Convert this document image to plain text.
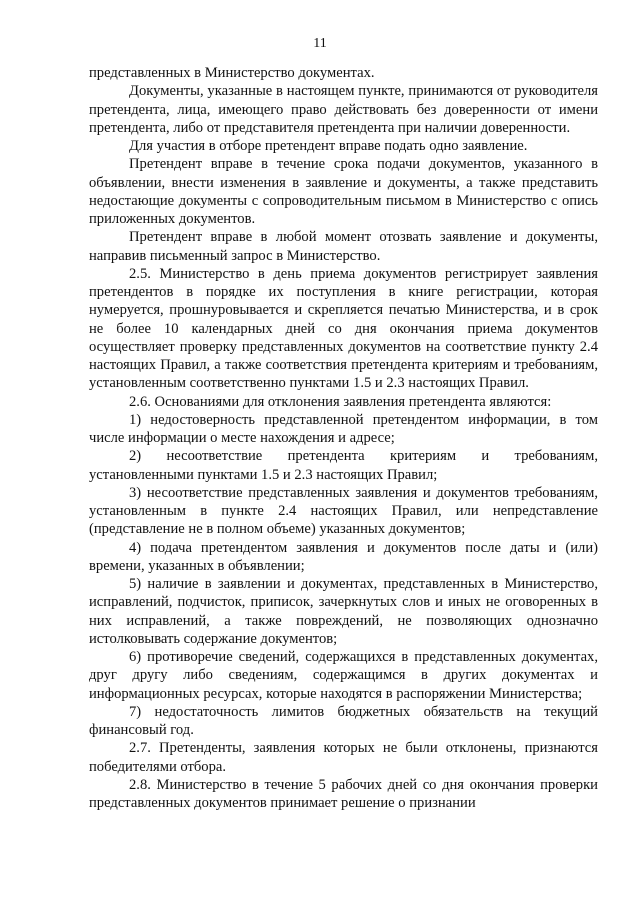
11

представленных в Министерство документах.

Документы, указанные в настоящем пункте, принимаются от руководителя претендента, лица, имеющего право действовать без доверенности от имени претендента, либо от представителя претендента при наличии доверенности.

Для участия в отборе претендент вправе подать одно заявление.

Претендент вправе в течение срока подачи документов, указанного в объявлении, внести изменения в заявление и документы, а также представить недостающие документы с сопроводительным письмом в Министерство с опись приложенных документов.

Претендент вправе в любой момент отозвать заявление и документы, направив письменный запрос в Министерство.

2.5. Министерство в день приема документов регистрирует заявления претендентов в порядке их поступления в книге регистрации, которая нумеруется, прошнуровывается и скрепляется печатью Министерства, и в срок не более 10 календарных дней со дня окончания приема документов осуществляет проверку представленных документов на соответствие пункту 2.4 настоящих Правил, а также соответствия претендента критериям и требованиям, установленным соответственно пунктами 1.5 и 2.3 настоящих Правил.

2.6. Основаниями для отклонения заявления претендента являются:

1) недостоверность представленной претендентом информации, в том числе информации о месте нахождения и адресе;

2) несоответствие претендента критериям и требованиям, установленными пунктами 1.5 и 2.3 настоящих Правил;

3) несоответствие представленных заявления и документов требованиям, установленным в пункте 2.4 настоящих Правил, или непредставление (представление не в полном объеме) указанных документов;

4) подача претендентом заявления и документов после даты и (или) времени, указанных в объявлении;

5) наличие в заявлении и документах, представленных в Министерство, исправлений, подчисток, приписок, зачеркнутых слов и иных не оговоренных в них исправлений, а также повреждений, не позволяющих однозначно истолковывать содержание документов;

6) противоречие сведений, содержащихся в представленных документах, друг другу либо сведениям, содержащимся в других документах и информационных ресурсах, которые находятся в распоряжении Министерства;

7) недостаточность лимитов бюджетных обязательств на текущий финансовый год.

2.7. Претенденты, заявления которых не были отклонены, признаются победителями отбора.

2.8. Министерство в течение 5 рабочих дней со дня окончания проверки представленных документов принимает решение о признании
